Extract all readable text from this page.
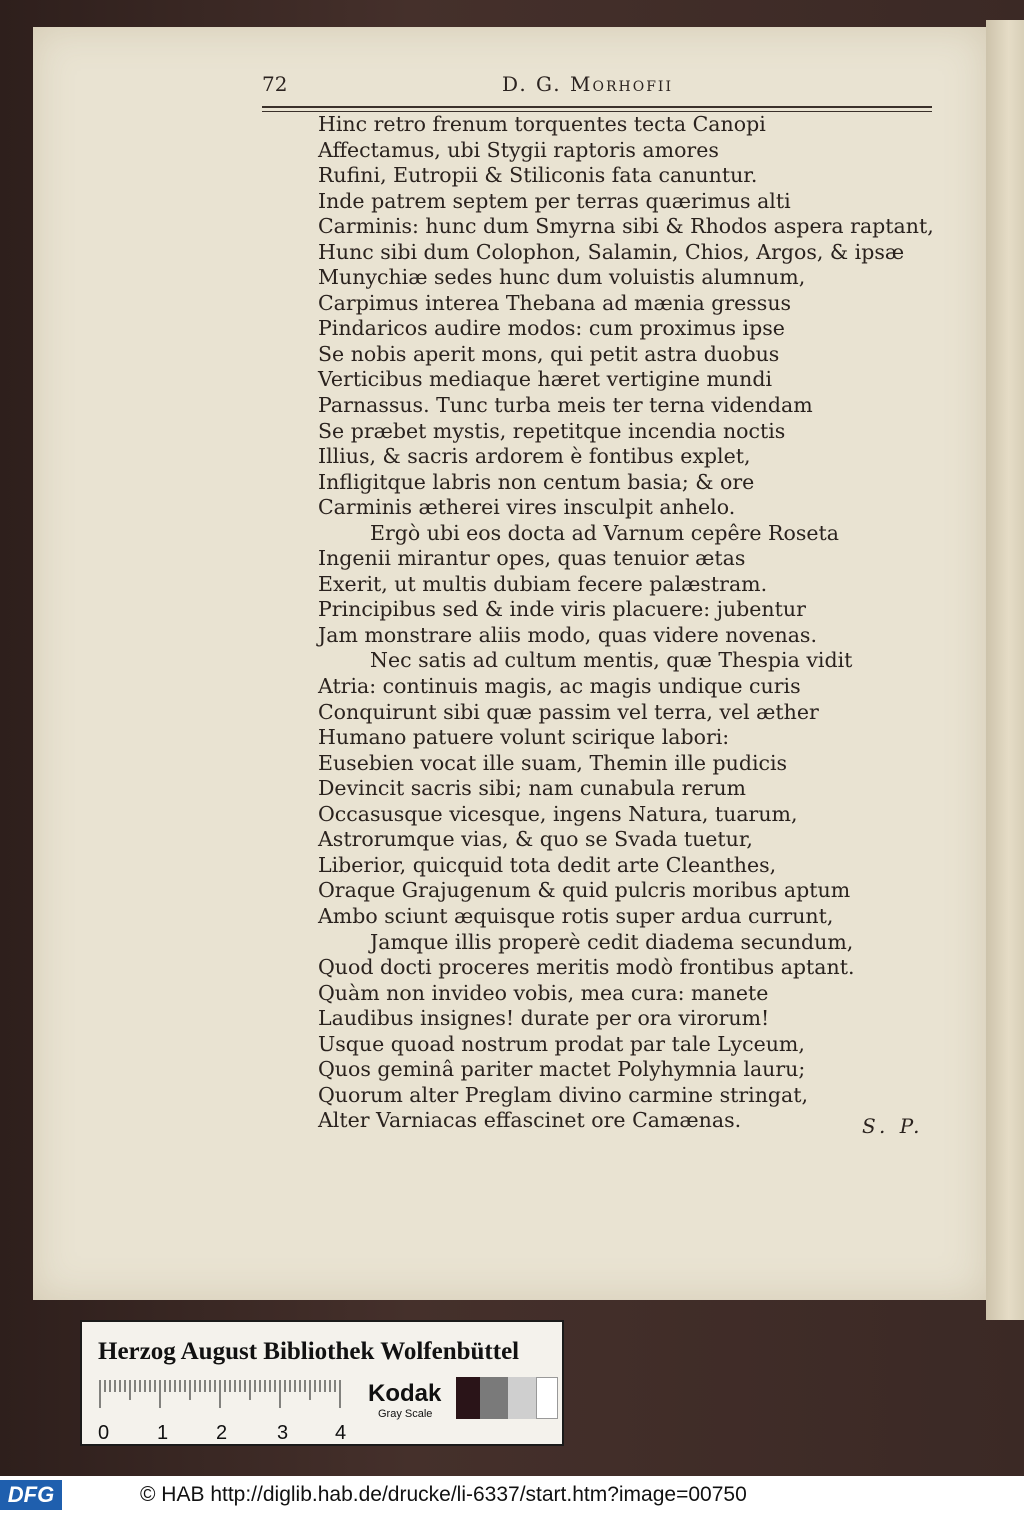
72	D. G. Morhofii
Hinc retro frenum torquentes tecta Canopi
Affectamus, ubi Stygii raptoris amores
Rufini, Eutropii & Stiliconis fata canuntur.
Inde patrem septem per terras quærimus alti
Carminis: hunc dum Smyrna sibi & Rhodos aspera raptant,
Hunc sibi dum Colophon, Salamin, Chios, Argos, & ipsæ
Munychiæ sedes hunc dum voluistis alumnum,
Carpimus interea Thebana ad mænia gressus
Pindaricos audire modos: cum proximus ipse
Se nobis aperit mons, qui petit astra duobus
Verticibus mediaque hæret vertigine mundi
Parnassus. Tunc turba meis ter terna videndam
Se præbet mystis, repetitque incendia noctis
Illius, & sacris ardorem è fontibus explet,
Infligitque labris non centum basia; & ore
Carminis ætherei vires insculpit anhelo.
Ergò ubi eos docta ad Varnum cepêre Roseta
Ingenii mirantur opes, quas tenuior ætas
Exerit, ut multis dubiam fecere palæstram.
Principibus sed & inde viris placuere: jubentur
Jam monstrare aliis modo, quas videre novenas.
Nec satis ad cultum mentis, quæ Thespia vidit
Atria: continuis magis, ac magis undique curis
Conquirunt sibi quæ passim vel terra, vel æther
Humano patuere volunt scirique labori:
Eusebien vocat ille suam, Themin ille pudicis
Devincit sacris sibi; nam cunabula rerum
Occasusque vicesque, ingens Natura, tuarum,
Astrorumque vias, & quo se Svada tuetur,
Liberior, quicquid tota dedit arte Cleanthes,
Oraque Grajugenum & quid pulcris moribus aptum
Ambo sciunt æquisque rotis super ardua currunt,
Jamque illis properè cedit diadema secundum,
Quod docti proceres meritis modò frontibus aptant.
Quàm non invideo vobis, mea cura: manete
Laudibus insignes! durate per ora virorum!
Usque quoad nostrum prodat par tale Lyceum,
Quos geminâ pariter mactet Polyhymnia lauru;
Quorum alter Preglam divino carmine stringat,
Alter Varniacas effascinet ore Camænas.	S. P.
Herzog August Bibliothek Wolfenbüttel
0 1 2 3 4
Kodak
Gray Scale
DFG	© HAB http://diglib.hab.de/drucke/li-6337/start.htm?image=00750
